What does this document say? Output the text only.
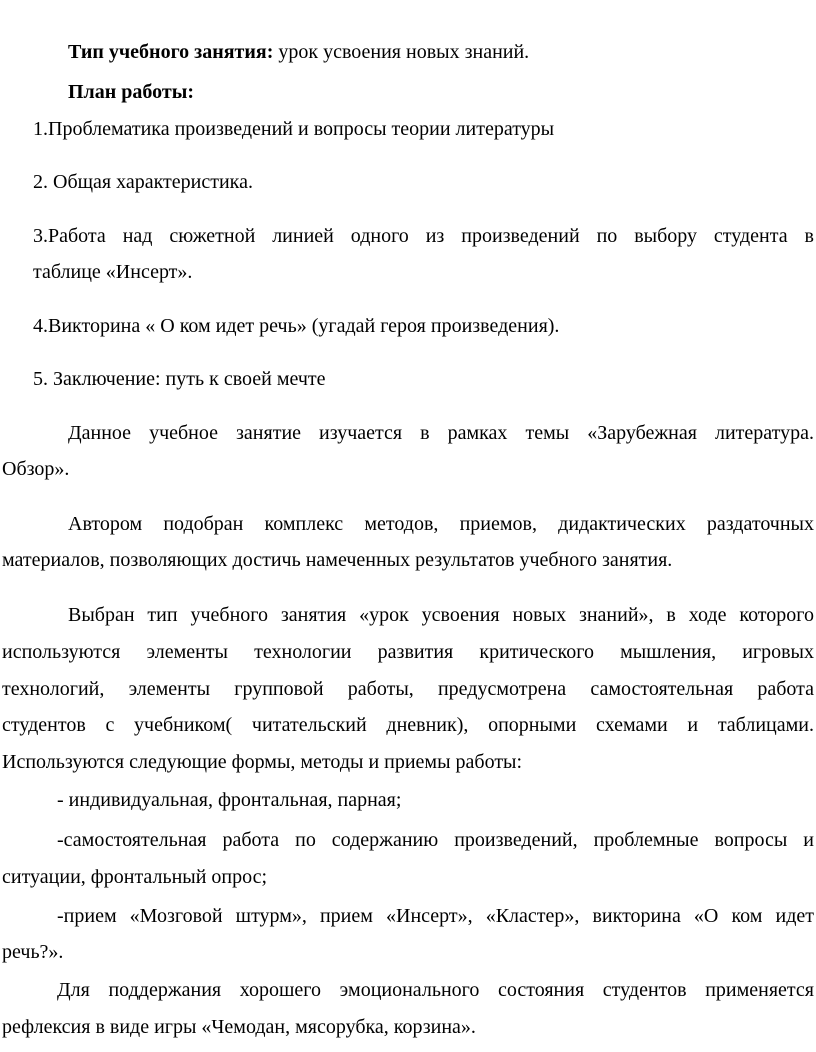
Тип учебного занятия: урок усвоения новых знаний.
План работы:
1.Проблематика произведений и вопросы теории литературы
2. Общая характеристика.
3.Работа над сюжетной линией одного из произведений по выбору студента в
таблице «Инсерт».
4.Викторина « О ком идет речь» (угадай героя произведения).
5. Заключение: путь к своей мечте
Данное учебное занятие изучается в рамках темы «Зарубежная литература.
Обзор».
Автором подобран комплекс методов, приемов, дидактических раздаточных
материалов, позволяющих достичь намеченных результатов учебного занятия.
Выбран тип учебного занятия «урок усвоения новых знаний», в ходе которого
используются элементы технологии развития критического мышления, игровых
технологий, элементы групповой работы, предусмотрена самостоятельная работа
студентов с учебником( читательский дневник), опорными схемами и таблицами.
Используются следующие формы, методы и приемы работы:
- индивидуальная, фронтальная, парная;
-самостоятельная работа по содержанию произведений, проблемные вопросы и
ситуации, фронтальный опрос;
-прием «Мозговой штурм», прием «Инсерт», «Кластер», викторина «О ком идет
речь?».
Для поддержания хорошего эмоционального состояния студентов применяется
рефлексия в виде игры «Чемодан, мясорубка, корзина».
